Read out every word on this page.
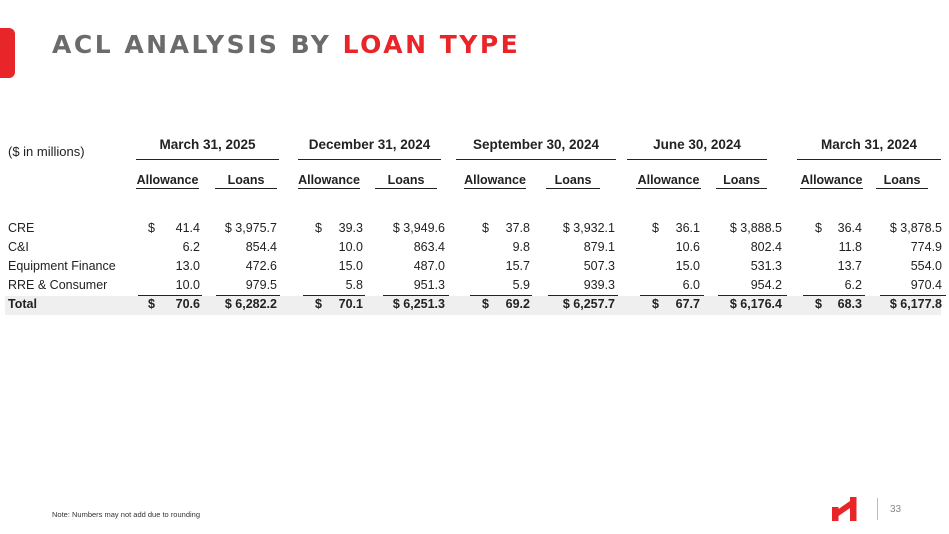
ACL ANALYSIS BY LOAN TYPE
($ in millions)	March 31, 2025	December 31, 2024	September 30, 2024	June 30, 2024	March 31, 2024
Allowance	Loans	Allowance	Loans	Allowance	Loans	Allowance	Loans	Allowance	Loans
CRE	$ 41.4 $ 3,975.7	$ 39.3 $ 3,949.6	$ 37.8	$ 3,932.1	$ 36.1 $ 3,888.5	$ 36.4 $ 3,878.5
C&I	6.2	854.4	10.0	863.4	9.8	879.1	10.6	802.4	11.8	774.9
Equipment Finance	13.0	472.6	15.0	487.0	15.7	507.3	15.0	531.3	13.7	554.0
RRE & Consumer	10.0	979.5	5.8	951.3	5.9	939.3	6.0	954.2	6.2	970.4
Total	$ 70.6 $ 6,282.2	$ 70.1 $ 6,251.3	$ 69.2	$ 6,257.7	$ 67.7 $ 6,176.4	$ 68.3 $ 6,177.8
Note: Numbers may not add due to rounding	33
